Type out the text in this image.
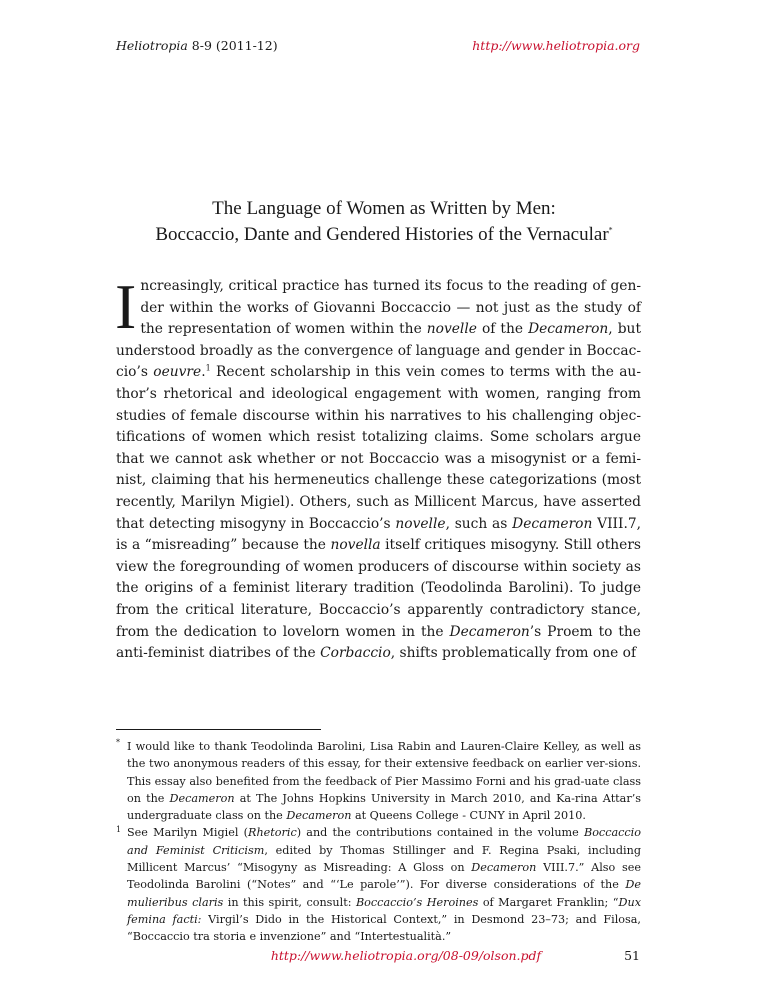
Heliotropia 8-9 (2011-12)	http://www.heliotropia.org
The Language of Women as Written by Men:
Boccaccio, Dante and Gendered Histories of the Vernacular*

Increasingly, critical practice has turned its focus to the reading of gen-der within the works of Giovanni Boccaccio — not just as the study of the representation of women within the novelle of the Decameron, but understood broadly as the convergence of language and gender in Boccac-cio’s oeuvre.$^1$ Recent scholarship in this vein comes to terms with the au-thor’s rhetorical and ideological engagement with women, ranging from studies of female discourse within his narratives to his challenging objec-tifications of women which resist totalizing claims. Some scholars argue that we cannot ask whether or not Boccaccio was a misogynist or a femi-nist, claiming that his hermeneutics challenge these categorizations (most recently, Marilyn Migiel). Others, such as Millicent Marcus, have asserted that detecting misogyny in Boccaccio’s novelle, such as Decameron VIII.7, is a “misreading” because the novella itself critiques misogyny. Still others view the foregrounding of women producers of discourse within society as the origins of a feminist literary tradition (Teodolinda Barolini). To judge from the critical literature, Boccaccio’s apparently contradictory stance, from the dedication to lovelorn women in the Decameron’s Proem to the anti-feminist diatribes of the Corbaccio, shifts problematically from one of

* I would like to thank Teodolinda Barolini, Lisa Rabin and Lauren-Claire Kelley, as well as the two anonymous readers of this essay, for their extensive feedback on earlier ver-sions. This essay also benefited from the feedback of Pier Massimo Forni and his grad-uate class on the Decameron at The Johns Hopkins University in March 2010, and Ka-rina Attar’s undergraduate class on the Decameron at Queens College - CUNY in April 2010.

1 See Marilyn Migiel (Rhetoric) and the contributions contained in the volume Boccaccio and Feminist Criticism, edited by Thomas Stillinger and F. Regina Psaki, including Millicent Marcus’ “Misogyny as Misreading: A Gloss on Decameron VIII.7.” Also see Teodolinda Barolini (“Notes” and “‘Le parole’”). For diverse considerations of the De mulieribus claris in this spirit, consult: Boccaccio’s Heroines of Margaret Franklin; “Dux femina facti: Virgil’s Dido in the Historical Context,” in Desmond 23–73; and Filosa, “Boccaccio tra storia e invenzione” and “Intertestualità.”

http://www.heliotropia.org/08-09/olson.pdf	51
